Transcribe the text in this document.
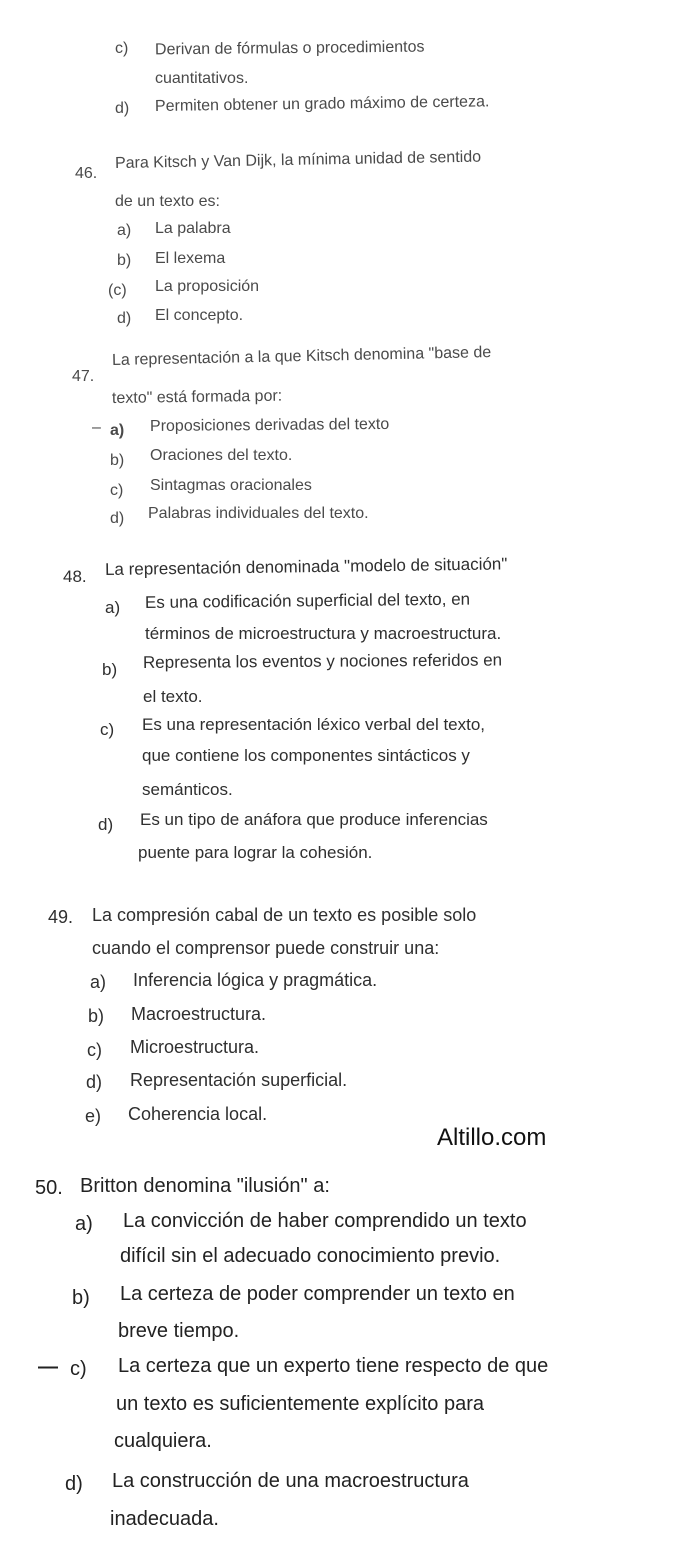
c) Derivan de fórmulas o procedimientos
cuantitativos.
d) Permiten obtener un grado máximo de certeza.
46.
Para Kitsch y Van Dijk, la mínima unidad de sentido
de un texto es:
a) La palabra
b) El lexema
(c) La proposición
d) El concepto.
47.
La representación a la que Kitsch denomina "base de
texto" está formada por:
– a) Proposiciones derivadas del texto
b) Oraciones del texto.
c) Sintagmas oracionales
d) Palabras individuales del texto.
48. La representación denominada "modelo de situación"
a) Es una codificación superficial del texto, en
términos de microestructura y macroestructura.
b) Representa los eventos y nociones referidos en
el texto.
c) Es una representación léxico verbal del texto,
que contiene los componentes sintácticos y
semánticos.
d) Es un tipo de anáfora que produce inferencias
puente para lograr la cohesión.
49. La compresión cabal de un texto es posible solo
cuando el comprensor puede construir una:
a) Inferencia lógica y pragmática.
b) Macroestructura.
c) Microestructura.
d) Representación superficial.
e) Coherencia local.
Altillo.com
50. Britton denomina "ilusión" a:
a) La convicción de haber comprendido un texto
difícil sin el adecuado conocimiento previo.
b) La certeza de poder comprender un texto en
breve tiempo.
— c) La certeza que un experto tiene respecto de que
un texto es suficientemente explícito para
cualquiera.
d) La construcción de una macroestructura
inadecuada.
